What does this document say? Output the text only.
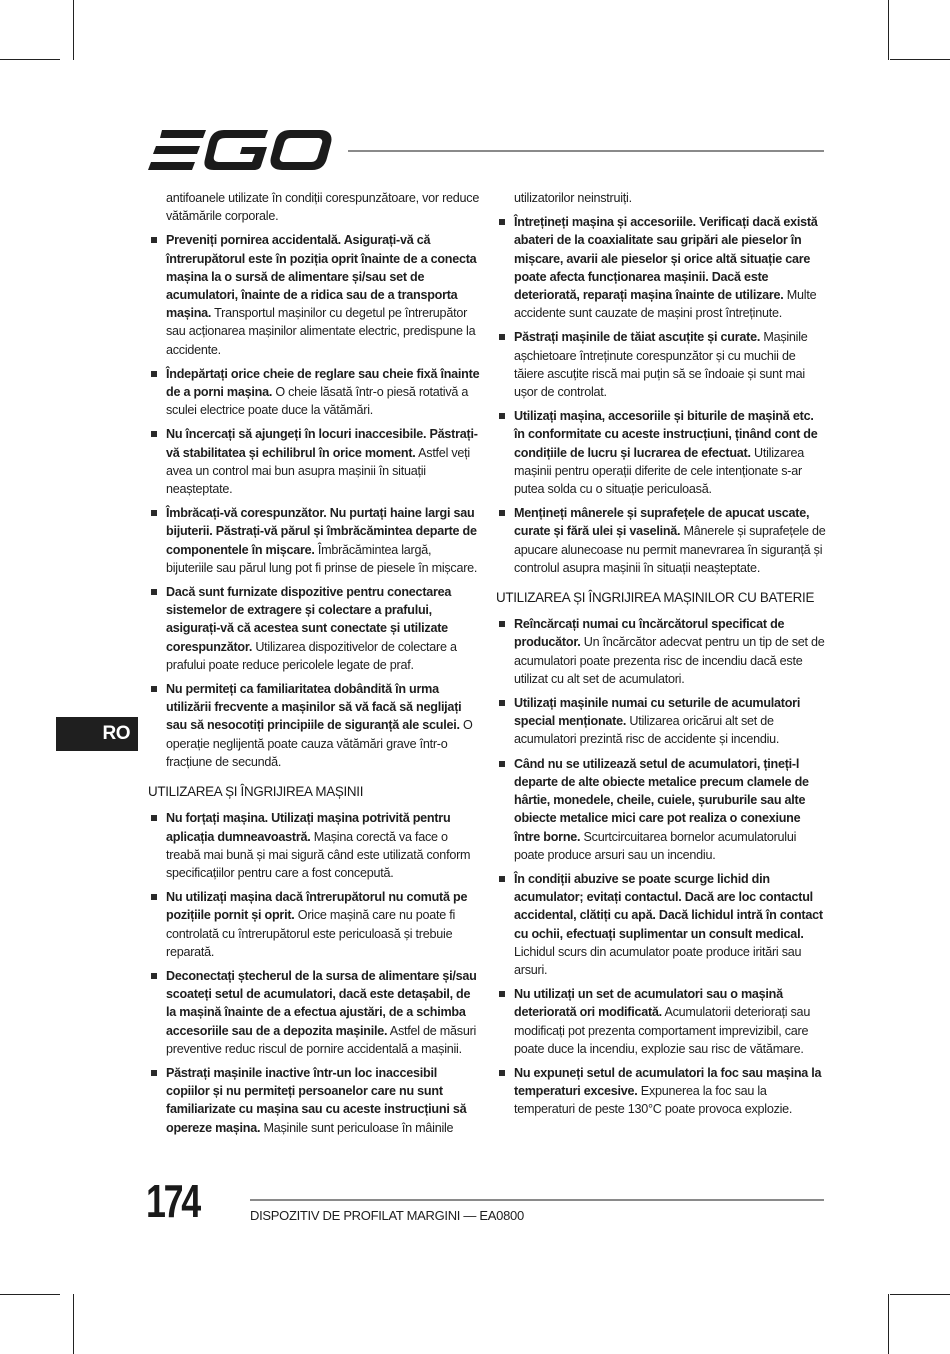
antifoanele utilizate în condiții corespunzătoare, vor reduce vătămările corporale.

Preveniți pornirea accidentală. Asigurați-vă că întrerupătorul este în poziția oprit înainte de a conecta mașina la o sursă de alimentare și/sau set de acumulatori, înainte de a ridica sau de a transporta mașina. Transportul mașinilor cu degetul pe întrerupător sau acționarea mașinilor alimentate electric, predispune la accidente.
Îndepărtați orice cheie de reglare sau cheie fixă înainte de a porni mașina. O cheie lăsată într-o piesă rotativă a sculei electrice poate duce la vătămări.
Nu încercați să ajungeți în locuri inaccesibile. Păstrați-vă stabilitatea și echilibrul în orice moment. Astfel veți avea un control mai bun asupra mașinii în situații neașteptate.
Îmbrăcați-vă corespunzător. Nu purtați haine largi sau bijuterii. Păstrați-vă părul și îmbrăcămintea departe de componentele în mișcare. Îmbrăcămintea largă, bijuteriile sau părul lung pot fi prinse de piesele în mișcare.
Dacă sunt furnizate dispozitive pentru conectarea sistemelor de extragere și colectare a prafului, asigurați-vă că acestea sunt conectate și utilizate corespunzător. Utilizarea dispozitivelor de colectare a prafului poate reduce pericolele legate de praf.
Nu permiteți ca familiaritatea dobândită în urma utilizării frecvente a mașinilor să vă facă să neglijați sau să nesocotiți principiile de siguranță ale sculei. O operație neglijentă poate cauza vătămări grave într-o fracțiune de secundă.
UTILIZAREA ȘI ÎNGRIJIREA MAȘINII
Nu forțați mașina. Utilizați mașina potrivită pentru aplicația dumneavoastră. Mașina corectă va face o treabă mai bună și mai sigură când este utilizată conform specificațiilor pentru care a fost concepută.
Nu utilizați mașina dacă întrerupătorul nu comută pe pozițiile pornit și oprit. Orice mașină care nu poate fi controlată cu întrerupătorul este periculoasă și trebuie reparată.
Deconectați ștecherul de la sursa de alimentare și/sau scoateți setul de acumulatori, dacă este detașabil, de la mașină înainte de a efectua ajustări, de a schimba accesoriile sau de a depozita mașinile. Astfel de măsuri preventive reduc riscul de pornire accidentală a mașinii.
Păstrați mașinile inactive într-un loc inaccesibil copiilor și nu permiteți persoanelor care nu sunt familiarizate cu mașina sau cu aceste instrucțiuni să opereze mașina. Mașinile sunt periculoase în mâinile

utilizatorilor neinstruiți.

Întrețineți mașina și accesoriile. Verificați dacă există abateri de la coaxialitate sau gripări ale pieselor în mișcare, avarii ale pieselor și orice altă situație care poate afecta funcționarea mașinii. Dacă este deteriorată, reparați mașina înainte de utilizare. Multe accidente sunt cauzate de mașini prost întreținute.
Păstrați mașinile de tăiat ascuțite și curate. Mașinile așchietoare întreținute corespunzător și cu muchii de tăiere ascuțite riscă mai puțin să se îndoaie și sunt mai ușor de controlat.
Utilizați mașina, accesoriile și biturile de mașină etc. în conformitate cu aceste instrucțiuni, ținând cont de condițiile de lucru și lucrarea de efectuat. Utilizarea mașinii pentru operații diferite de cele intenționate s-ar putea solda cu o situație periculoasă.
Mențineți mânerele și suprafețele de apucat uscate, curate și fără ulei și vaselină. Mânerele și suprafețele de apucare alunecoase nu permit manevrarea în siguranță și controlul asupra mașinii în situații neașteptate.
UTILIZAREA ȘI ÎNGRIJIREA MAȘINILOR CU BATERIE
Reîncărcați numai cu încărcătorul specificat de producător. Un încărcător adecvat pentru un tip de set de acumulatori poate prezenta risc de incendiu dacă este utilizat cu alt set de acumulatori.
Utilizați mașinile numai cu seturile de acumulatori special menționate. Utilizarea oricărui alt set de acumulatori prezintă risc de accidente și incendiu.
Când nu se utilizează setul de acumulatori, țineți-l departe de alte obiecte metalice precum clamele de hârtie, monedele, cheile, cuiele, șuruburile sau alte obiecte metalice mici care pot realiza o conexiune între borne. Scurtcircuitarea bornelor acumulatorului poate produce arsuri sau un incendiu.
În condiții abuzive se poate scurge lichid din acumulator; evitați contactul. Dacă are loc contactul accidental, clătiți cu apă. Dacă lichidul intră în contact cu ochii, efectuați suplimentar un consult medical. Lichidul scurs din acumulator poate produce iritări sau arsuri.
Nu utilizați un set de acumulatori sau o mașină deteriorată ori modificată. Acumulatorii deteriorați sau modificați pot prezenta comportament imprevizibil, care poate duce la incendiu, explozie sau risc de vătămare.
Nu expuneți setul de acumulatori la foc sau mașina la temperaturi excesive. Expunerea la foc sau la temperaturi de peste 130°C poate provoca explozie.
RO
174	DISPOZITIV DE PROFILAT MARGINI — EA0800
